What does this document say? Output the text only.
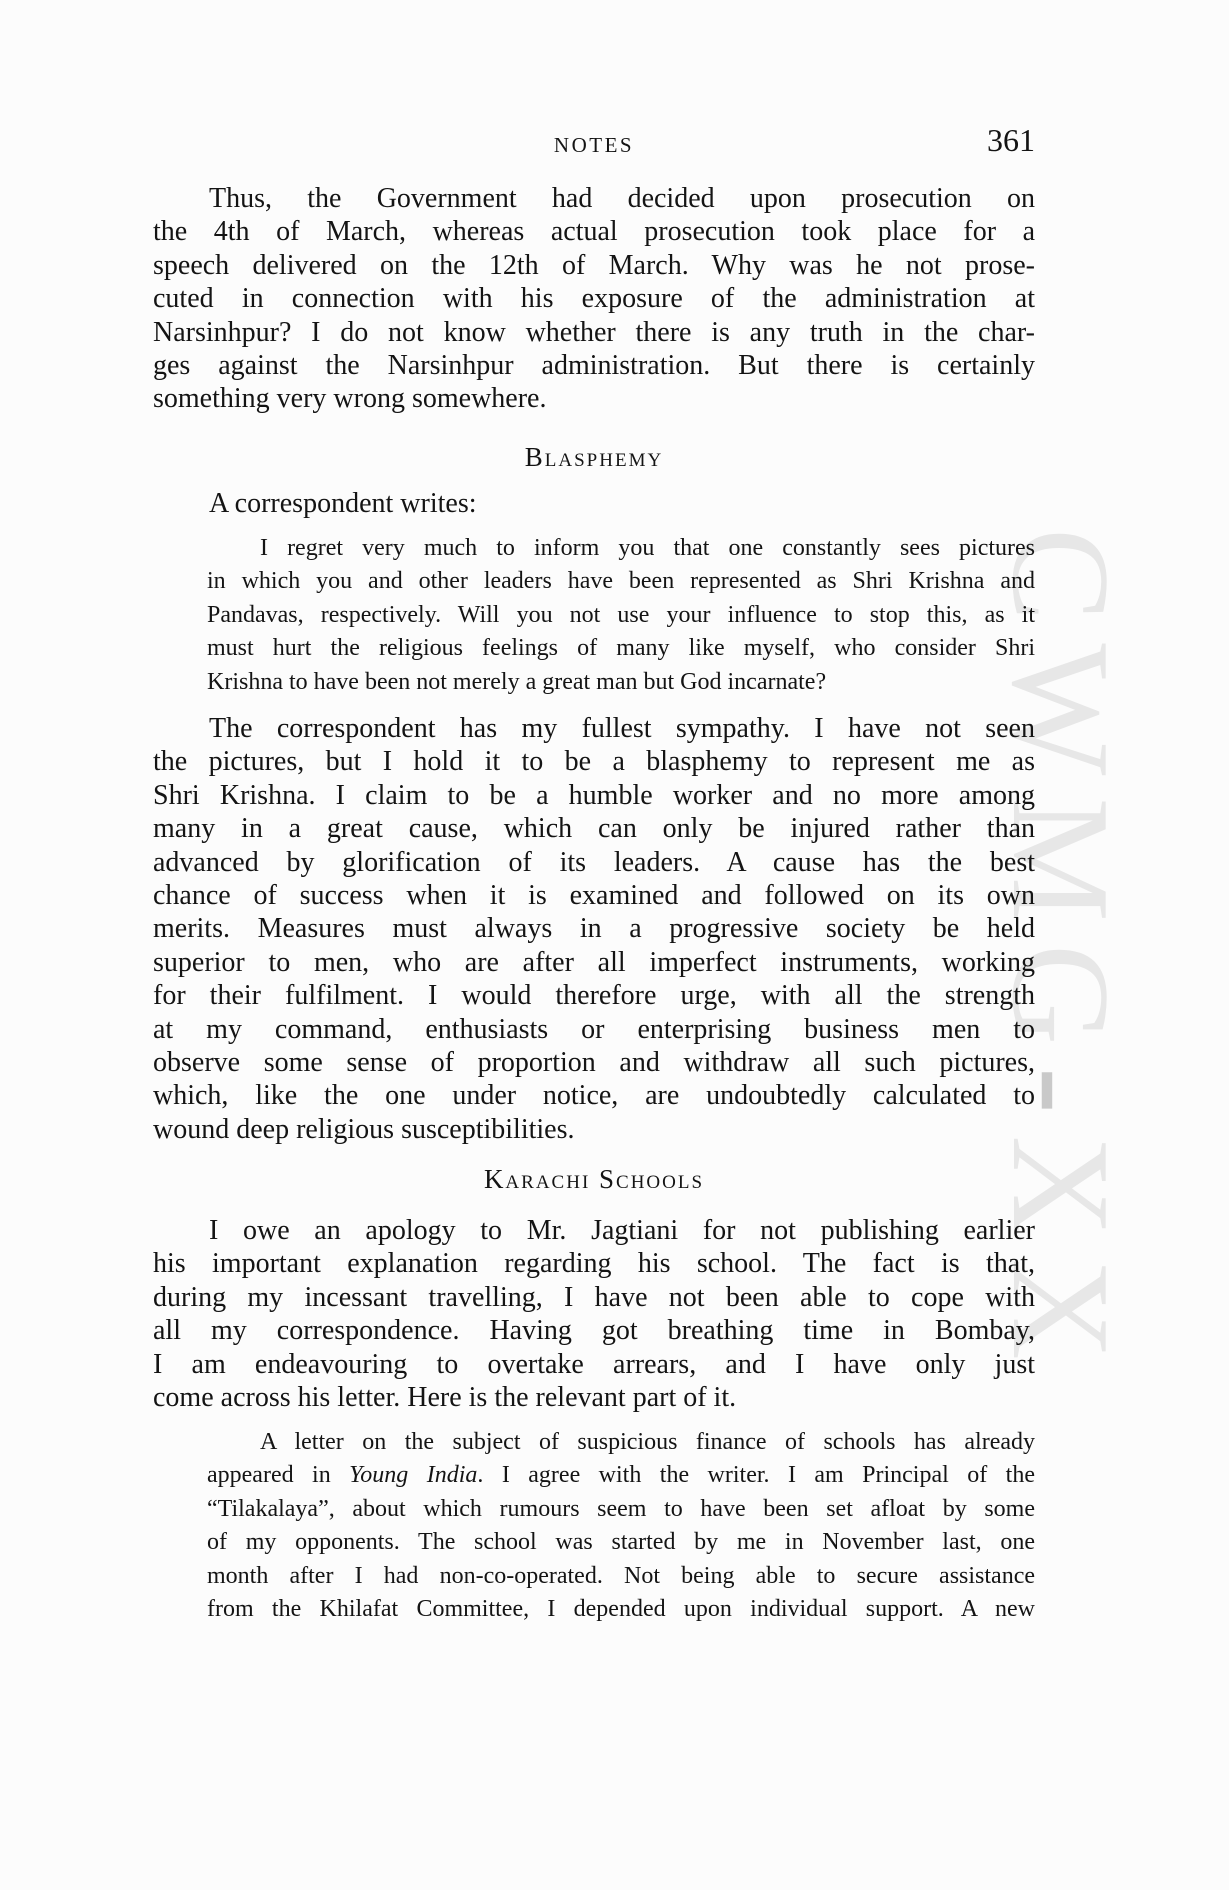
NOTES	361
CWMG-XX
Thus, the Government had decided upon prosecution on
the 4th of March, whereas actual prosecution took place for a
speech delivered on the 12th of March. Why was he not prose-
cuted in connection with his exposure of the administration at
Narsinhpur? I do not know whether there is any truth in the char-
ges against the Narsinhpur administration. But there is certainly
something very wrong somewhere.
Blasphemy
A correspondent writes:
I regret very much to inform you that one constantly sees pictures
in which you and other leaders have been represented as Shri Krishna and
Pandavas, respectively. Will you not use your influence to stop this, as it
must hurt the religious feelings of many like myself, who consider Shri
Krishna to have been not merely a great man but God incarnate?
The correspondent has my fullest sympathy. I have not seen
the pictures, but I hold it to be a blasphemy to represent me as
Shri Krishna. I claim to be a humble worker and no more among
many in a great cause, which can only be injured rather than
advanced by glorification of its leaders. A cause has the best
chance of success when it is examined and followed on its own
merits. Measures must always in a progressive society be held
superior to men, who are after all imperfect instruments, working
for their fulfilment. I would therefore urge, with all the strength
at my command, enthusiasts or enterprising business men to
observe some sense of proportion and withdraw all such pictures,
which, like the one under notice, are undoubtedly calculated to
wound deep religious susceptibilities.
Karachi Schools
I owe an apology to Mr. Jagtiani for not publishing earlier
his important explanation regarding his school. The fact is that,
during my incessant travelling, I have not been able to cope with
all my correspondence. Having got breathing time in Bombay,
I am endeavouring to overtake arrears, and I have only just
come across his letter. Here is the relevant part of it.
A letter on the subject of suspicious finance of schools has already
appeared in Young India. I agree with the writer. I am Principal of the
“Tilakalaya”, about which rumours seem to have been set afloat by some
of my opponents. The school was started by me in November last, one
month after I had non-co-operated. Not being able to secure assistance
from the Khilafat Committee, I depended upon individual support. A new
